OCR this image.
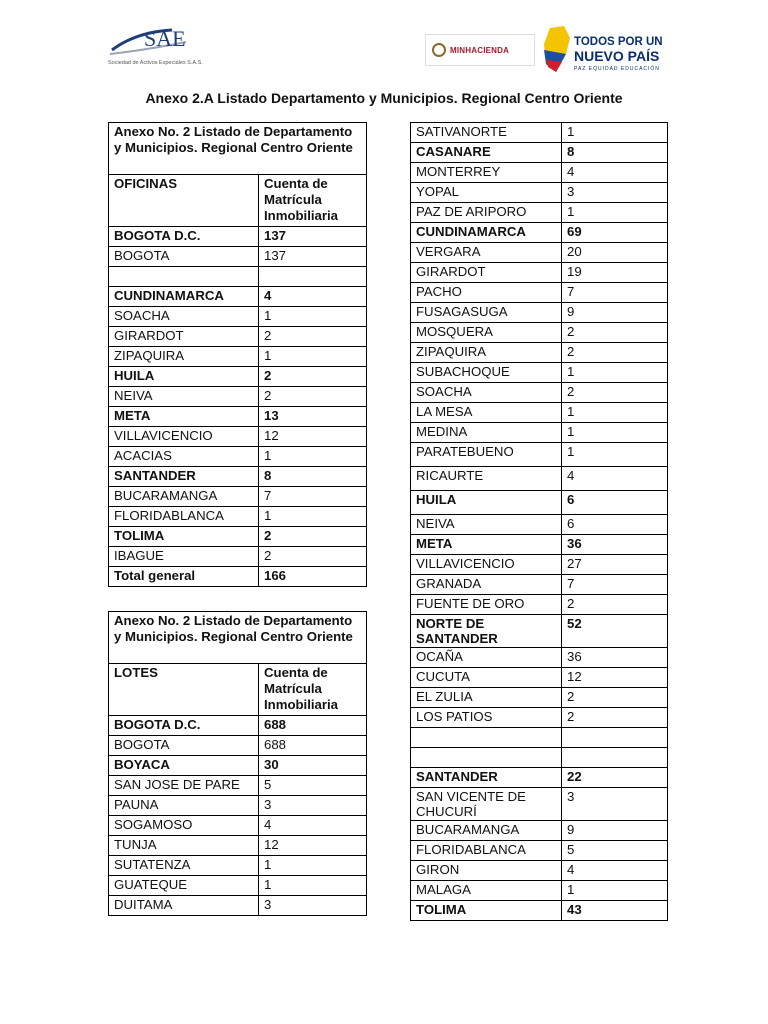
SAE
Sociedad de Activos Especiales S.A.S.
MINHACIENDA
TODOS POR UN
NUEVO PAÍS
PAZ EQUIDAD EDUCACIÓN
Anexo 2.A Listado Departamento y Municipios. Regional Centro Oriente
Anexo No. 2 Listado de Departamento y Municipios. Regional Centro Oriente	
OFICINAS	Cuenta de Matrícula Inmobiliaria
BOGOTA D.C.	137
BOGOTA	137

CUNDINAMARCA	4
SOACHA	1
GIRARDOT	2
ZIPAQUIRA	1
HUILA	2
NEIVA	2
META	13
VILLAVICENCIO	12
ACACIAS	1
SANTANDER	8
BUCARAMANGA	7
FLORIDABLANCA	1
TOLIMA	2
IBAGUE	2
Total general	166
Anexo No. 2 Listado de Departamento y Municipios. Regional Centro Oriente	
LOTES	Cuenta de Matrícula Inmobiliaria
BOGOTA D.C.	688
BOGOTA	688
BOYACA	30
SAN JOSE DE PARE	5
PAUNA	3
SOGAMOSO	4
TUNJA	12
SUTATENZA	1
GUATEQUE	1
DUITAMA	3
SATIVANORTE	1
CASANARE	8
MONTERREY	4
YOPAL	3
PAZ DE ARIPORO	1
CUNDINAMARCA	69
VERGARA	20
GIRARDOT	19
PACHO	7
FUSAGASUGA	9
MOSQUERA	2
ZIPAQUIRA	2
SUBACHOQUE	1
SOACHA	2
LA MESA	1
MEDINA	1
PARATEBUENO	1
RICAURTE	4
HUILA	6
NEIVA	6
META	36
VILLAVICENCIO	27
GRANADA	7
FUENTE DE ORO	2
NORTE DE SANTANDER	52
OCAÑA	36
CUCUTA	12
EL ZULIA	2
LOS PATIOS	2

SANTANDER	22
SAN VICENTE DE CHUCURÍ	3
BUCARAMANGA	9
FLORIDABLANCA	5
GIRON	4
MALAGA	1
TOLIMA	43
